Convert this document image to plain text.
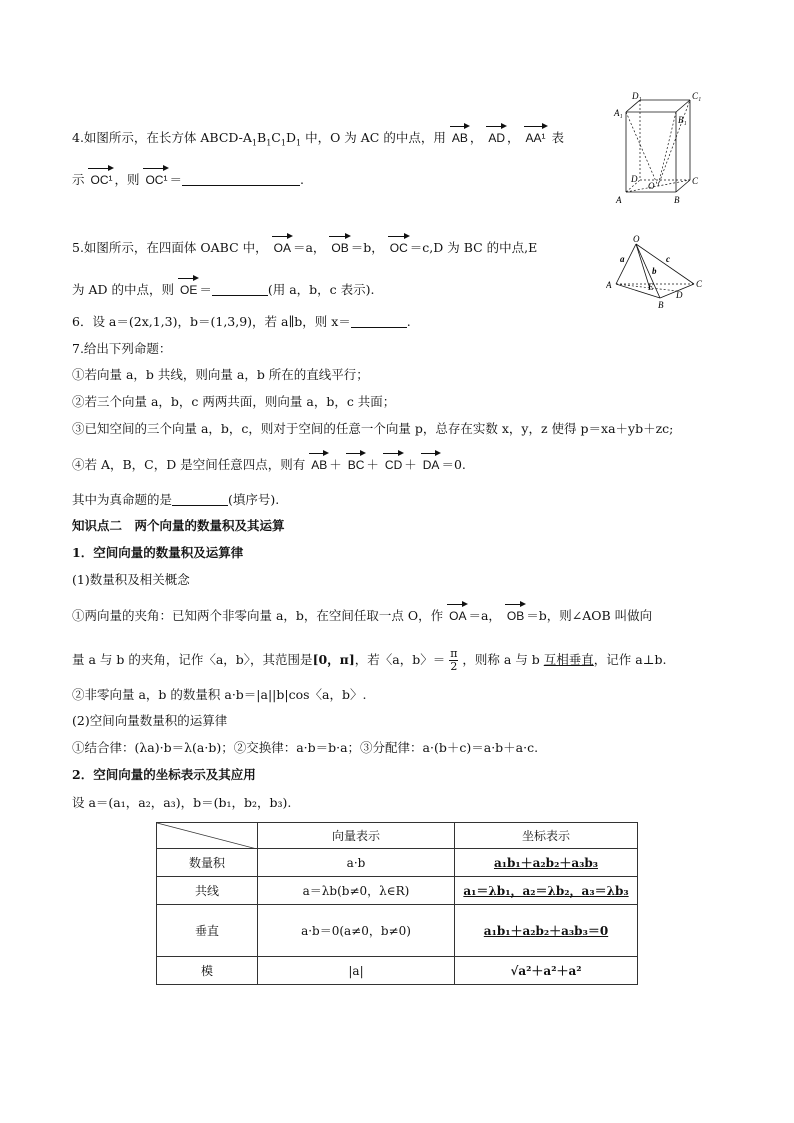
4.如图所示，在长方体 ABCD-$A_1B_1C_1D_1$ 中，O 为 AC 的中点，用 AB ， AD ， AA¹ 表
示 OC¹ ，则 OC¹ ＝	.
D₁	C₁
A₁
B₁
D
O	C
A	B
5.如图所示，在四面体 OABC 中， OA ＝a， OB ＝b， OC ＝c,D 为 BC 的中点,E
为 AD 的中点，则 OE ＝	(用 a，b，c 表示).
O
a	c
b
A	E	C
D
B
6．设 a＝(2x,1,3)，b＝(1,3,9)，若 a∥b，则 x＝	.
7.给出下列命题：
①若向量 a，b 共线，则向量 a，b 所在的直线平行；
②若三个向量 a，b，c 两两共面，则向量 a，b，c 共面；
③已知空间的三个向量 a，b，c，则对于空间的任意一个向量 p，总存在实数 x，y，z 使得 p＝xa＋yb＋zc;
④若 A，B，C，D 是空间任意四点，则有 AB ＋ BC ＋ CD ＋ DA ＝0.
其中为真命题的是	(填序号).
知识点二　两个向量的数量积及其运算
1．空间向量的数量积及运算律
(1)数量积及相关概念
①两向量的夹角：已知两个非零向量 a，b，在空间任取一点 O，作 OA ＝a， OB ＝b，则∠AOB 叫做向
量 a 与 b 的夹角，记作〈a，b〉，其范围是[0，π]，若〈a，b〉＝ $\frac{\pi}{2}$ ，则称 a 与 b 互相垂直，记作 a⊥b.
②非零向量 a，b 的数量积 a·b＝|a||b|cos〈a，b〉.
(2)空间向量数量积的运算律
①结合律：(λa)·b＝λ(a·b)；②交换律：a·b＝b·a；③分配律：a·(b＋c)＝a·b＋a·c.
2．空间向量的坐标表示及其应用
设 a＝(a₁，a₂，a₃)，b＝(b₁，b₂，b₃).
	向量表示	坐标表示
数量积	a·b	a₁b₁＋a₂b₂＋a₃b₃
共线	a＝λb(b≠0，λ∈R)	a₁＝λb₁，a₂＝λb₂，a₃＝λb₃
垂直	a·b＝0(a≠0，b≠0)	a₁b₁＋a₂b₂＋a₃b₃＝0
模	|a|	√a²＋a²＋a²
